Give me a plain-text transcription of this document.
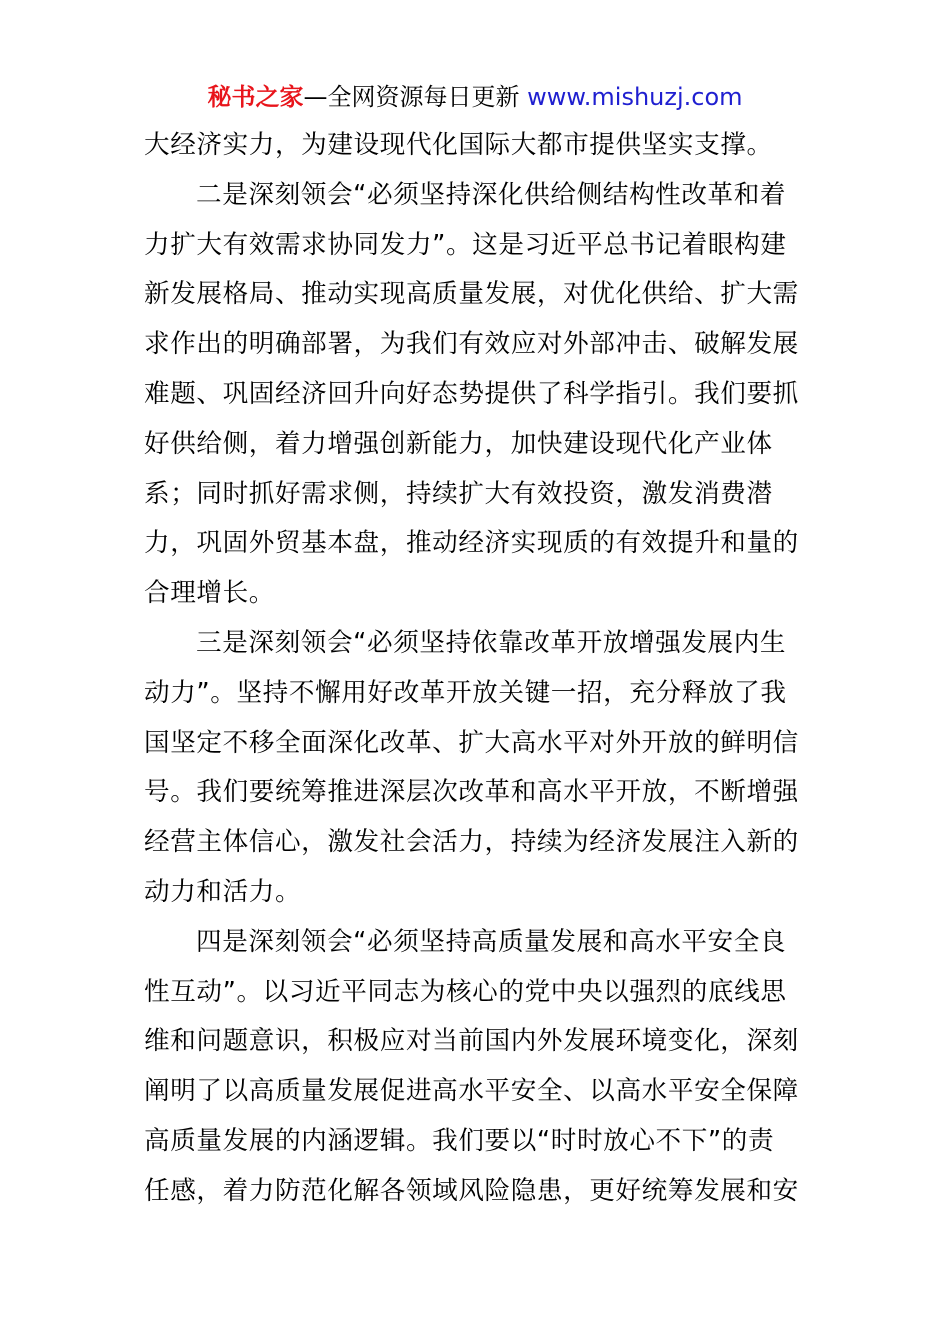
秘书之家—全网资源每日更新 www.mishuzj.com
大经济实力，为建设现代化国际大都市提供坚实支撑。
二是深刻领会“必须坚持深化供给侧结构性改革和着
力扩大有效需求协同发力”。这是习近平总书记着眼构建
新发展格局、推动实现高质量发展，对优化供给、扩大需
求作出的明确部署，为我们有效应对外部冲击、破解发展
难题、巩固经济回升向好态势提供了科学指引。我们要抓
好供给侧，着力增强创新能力，加快建设现代化产业体
系；同时抓好需求侧，持续扩大有效投资，激发消费潜
力，巩固外贸基本盘，推动经济实现质的有效提升和量的
合理增长。
三是深刻领会“必须坚持依靠改革开放增强发展内生
动力”。坚持不懈用好改革开放关键一招，充分释放了我
国坚定不移全面深化改革、扩大高水平对外开放的鲜明信
号。我们要统筹推进深层次改革和高水平开放，不断增强
经营主体信心，激发社会活力，持续为经济发展注入新的
动力和活力。
四是深刻领会“必须坚持高质量发展和高水平安全良
性互动”。以习近平同志为核心的党中央以强烈的底线思
维和问题意识，积极应对当前国内外发展环境变化，深刻
阐明了以高质量发展促进高水平安全、以高水平安全保障
高质量发展的内涵逻辑。我们要以“时时放心不下”的责
任感，着力防范化解各领域风险隐患，更好统筹发展和安
